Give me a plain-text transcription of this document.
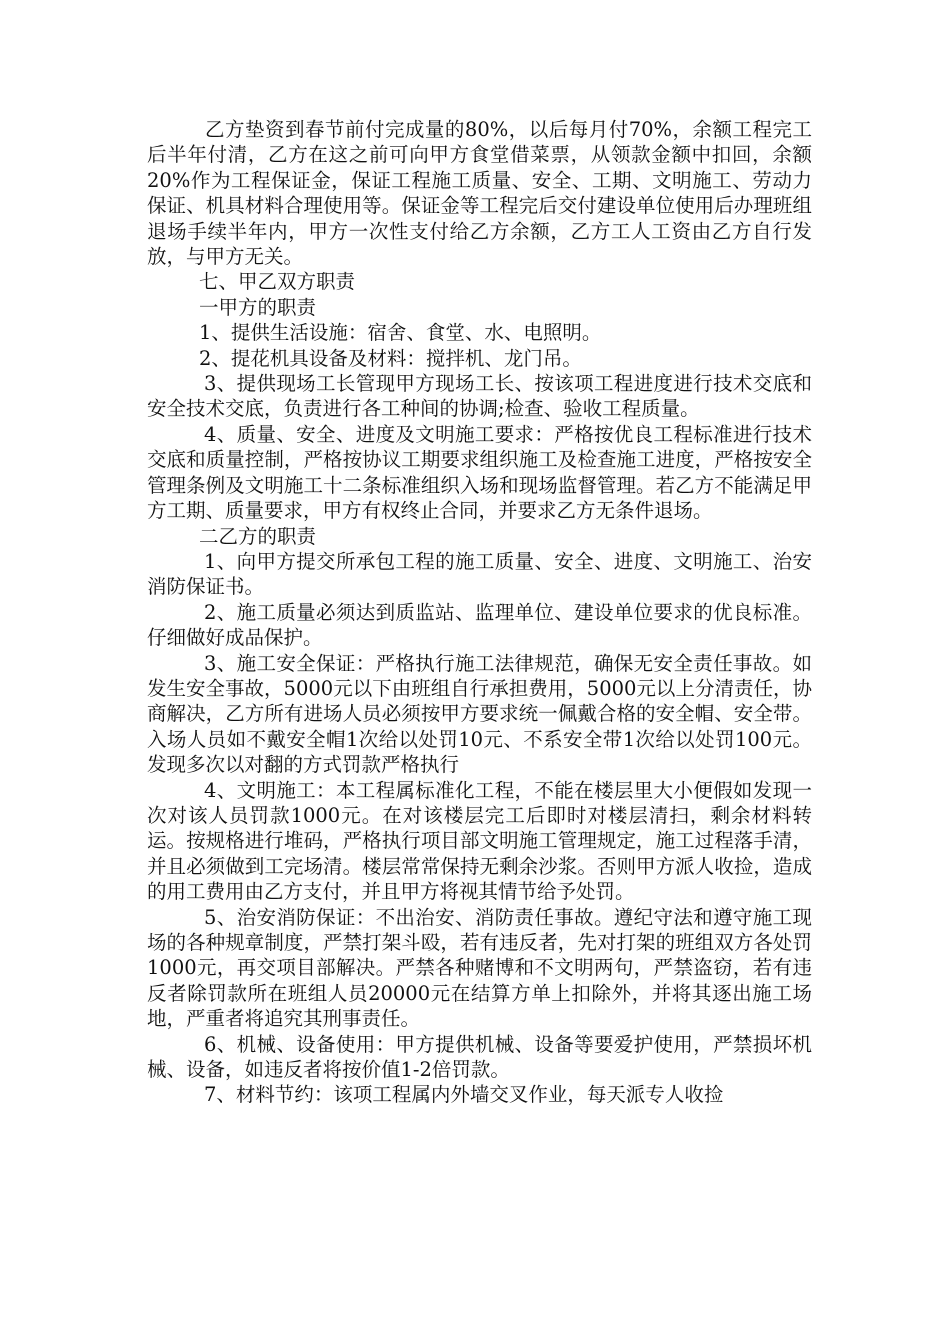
乙方垫资到春节前付完成量的80%，以后每月付70%，余额工程完工后半年付清，乙方在这之前可向甲方食堂借菜票，从领款金额中扣回，余额20%作为工程保证金，保证工程施工质量、安全、工期、文明施工、劳动力保证、机具材料合理使用等。保证金等工程完后交付建设单位使用后办理班组退场手续半年内，甲方一次性支付给乙方余额，乙方工人工资由乙方自行发放，与甲方无关。

七、甲乙双方职责

一甲方的职责

1、提供生活设施：宿舍、食堂、水、电照明。

2、提花机具设备及材料：搅拌机、龙门吊。

3、提供现场工长管现甲方现场工长、按该项工程进度进行技术交底和安全技术交底，负责进行各工种间的协调;检查、验收工程质量。

4、质量、安全、进度及文明施工要求：严格按优良工程标准进行技术交底和质量控制，严格按协议工期要求组织施工及检查施工进度，严格按安全管理条例及文明施工十二条标准组织入场和现场监督管理。若乙方不能满足甲方工期、质量要求，甲方有权终止合同，并要求乙方无条件退场。

二乙方的职责

1、向甲方提交所承包工程的施工质量、安全、进度、文明施工、治安消防保证书。

2、施工质量必须达到质监站、监理单位、建设单位要求的优良标准。仔细做好成品保护。

3、施工安全保证：严格执行施工法律规范，确保无安全责任事故。如发生安全事故，5000元以下由班组自行承担费用，5000元以上分清责任，协商解决，乙方所有进场人员必须按甲方要求统一佩戴合格的安全帽、安全带。入场人员如不戴安全帽1次给以处罚10元、不系安全带1次给以处罚100元。发现多次以对翻的方式罚款严格执行

4、文明施工：本工程属标准化工程，不能在楼层里大小便假如发现一次对该人员罚款1000元。在对该楼层完工后即时对楼层清扫，剩余材料转运。按规格进行堆码，严格执行项目部文明施工管理规定，施工过程落手清，并且必须做到工完场清。楼层常常保持无剩余沙浆。否则甲方派人收捡，造成的用工费用由乙方支付，并且甲方将视其情节给予处罚。

5、治安消防保证：不出治安、消防责任事故。遵纪守法和遵守施工现场的各种规章制度，严禁打架斗殴，若有违反者，先对打架的班组双方各处罚1000元，再交项目部解决。严禁各种赌博和不文明两句，严禁盗窃，若有违反者除罚款所在班组人员20000元在结算方单上扣除外，并将其逐出施工场地，严重者将追究其刑事责任。

6、机械、设备使用：甲方提供机械、设备等要爱护使用，严禁损坏机械、设备，如违反者将按价值1-2倍罚款。

7、材料节约：该项工程属内外墙交叉作业，每天派专人收捡
